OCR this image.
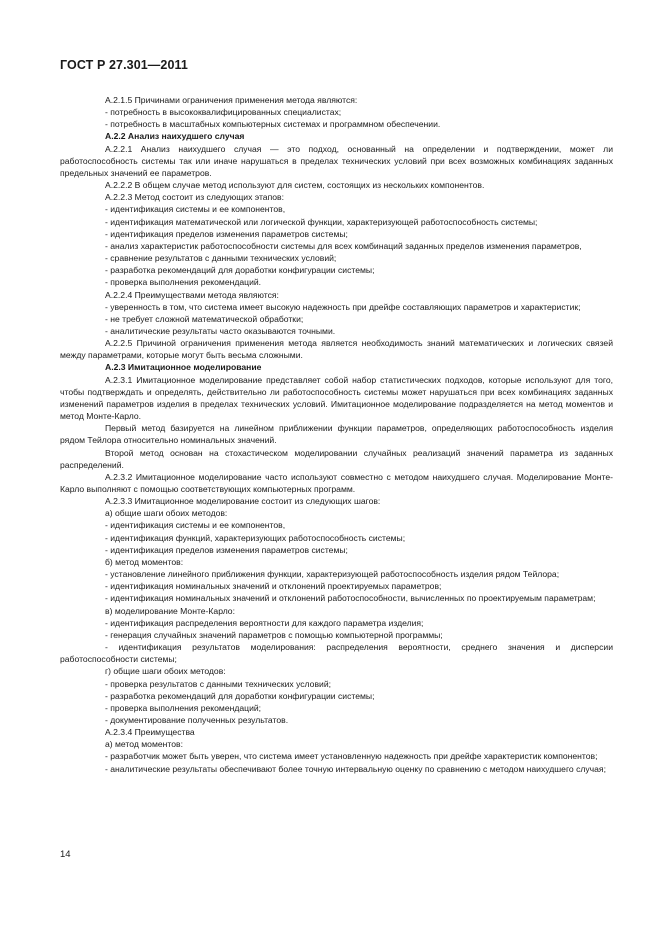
ГОСТ Р 27.301—2011

А.2.1.5 Причинами ограничения применения метода являются:

- потребность в высококвалифицированных специалистах;

- потребность в масштабных компьютерных системах и программном обеспечении.

А.2.2 Анализ наихудшего случая

А.2.2.1 Анализ наихудшего случая — это подход, основанный на определении и подтверждении, может ли работоспособность системы так или иначе нарушаться в пределах технических условий при всех возможных комбинациях заданных предельных значений ее параметров.

А.2.2.2 В общем случае метод используют для систем, состоящих из нескольких компонентов.

А.2.2.3 Метод состоит из следующих этапов:

- идентификация системы и ее компонентов,

- идентификация математической или логической функции, характеризующей работоспособность системы;

- идентификация пределов изменения параметров системы;

- анализ характеристик работоспособности системы для всех комбинаций заданных пределов изменения параметров,

- сравнение результатов с данными технических условий;

- разработка рекомендаций для доработки конфигурации системы;

- проверка выполнения рекомендаций.

А.2.2.4 Преимуществами метода являются:

- уверенность в том, что система имеет высокую надежность при дрейфе составляющих параметров и характеристик;

- не требует сложной математической обработки;

- аналитические результаты часто оказываются точными.

А.2.2.5 Причиной ограничения применения метода является необходимость знаний математических и логических связей между параметрами, которые могут быть весьма сложными.

А.2.3 Имитационное моделирование

А.2.3.1 Имитационное моделирование представляет собой набор статистических подходов, которые используют для того, чтобы подтверждать и определять, действительно ли работоспособность системы может нарушаться при всех комбинациях заданных изменений параметров изделия в пределах технических условий. Имитационное моделирование подразделяется на метод моментов и метод Монте-Карло.

Первый метод базируется на линейном приближении функции параметров, определяющих работоспособность изделия рядом Тейлора относительно номинальных значений.

Второй метод основан на стохастическом моделировании случайных реализаций значений параметра из заданных распределений.

А.2.3.2 Имитационное моделирование часто используют совместно с методом наихудшего случая. Моделирование Монте-Карло выполняют с помощью соответствующих компьютерных программ.

А.2.3.3 Имитационное моделирование состоит из следующих шагов:

а) общие шаги обоих методов:

- идентификация системы и ее компонентов,

- идентификация функций, характеризующих работоспособность системы;

- идентификация пределов изменения параметров системы;

б) метод моментов:

- установление линейного приближения функции, характеризующей работоспособность изделия рядом Тейлора;

- идентификация номинальных значений и отклонений проектируемых параметров;

- идентификация номинальных значений и отклонений работоспособности, вычисленных по проектируемым параметрам;

в) моделирование Монте-Карло:

- идентификация распределения вероятности для каждого параметра изделия;

- генерация случайных значений параметров с помощью компьютерной программы;

- идентификация результатов моделирования: распределения вероятности, среднего значения и дисперсии работоспособности системы;

г) общие шаги обоих методов:

- проверка результатов с данными технических условий;

- разработка рекомендаций для доработки конфигурации системы;

- проверка выполнения рекомендаций;

- документирование полученных результатов.

А.2.3.4 Преимущества

а) метод моментов:

- разработчик может быть уверен, что система имеет установленную надежность при дрейфе характеристик компонентов;

- аналитические результаты обеспечивают более точную интервальную оценку по сравнению с методом наихудшего случая;

14
